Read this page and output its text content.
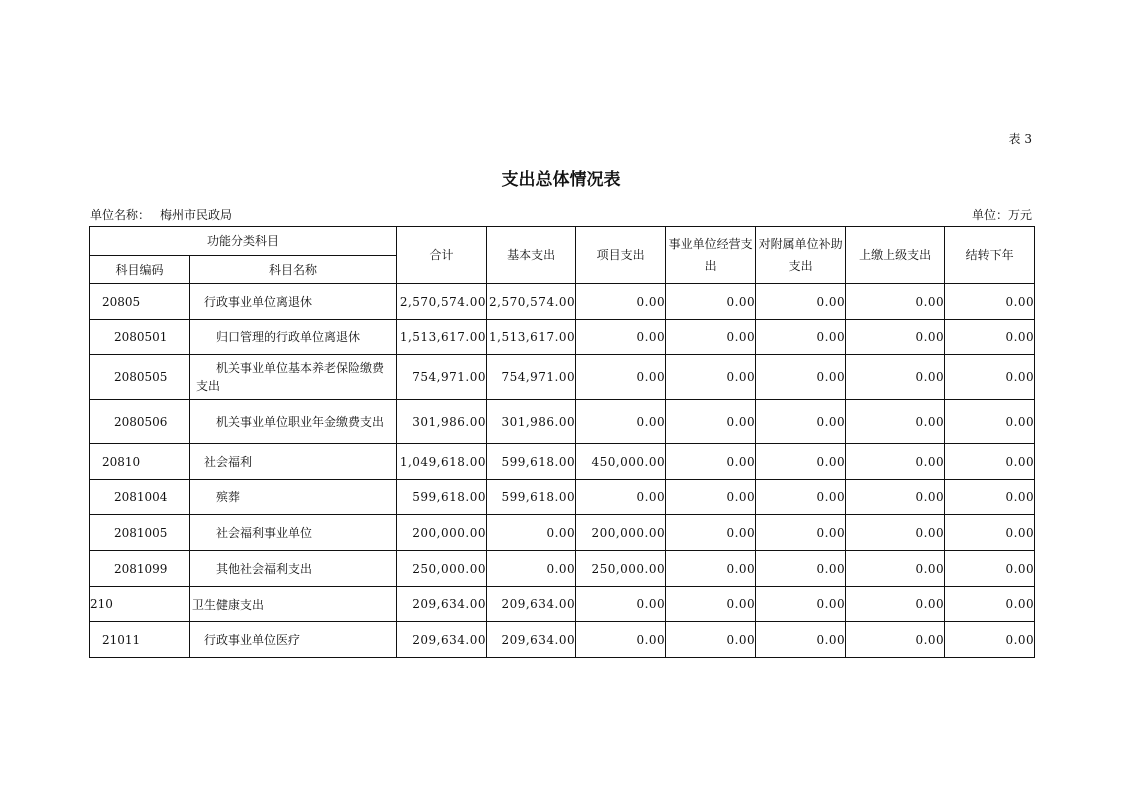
表 3
支出总体情况表
单位名称： 梅州市民政局	单位：万元
功能分类科目		合计	基本支出	项目支出	事业单位经营支出	对附属单位补助支出	上缴上级支出	结转下年
科目编码	科目名称							
20805	行政事业单位离退休	2,570,574.00	2,570,574.00	0.00	0.00	0.00	0.00	0.00
2080501	归口管理的行政单位离退休	1,513,617.00	1,513,617.00	0.00	0.00	0.00	0.00	0.00
2080505	机关事业单位基本养老保险缴费支出	754,971.00	754,971.00	0.00	0.00	0.00	0.00	0.00
2080506	机关事业单位职业年金缴费支出	301,986.00	301,986.00	0.00	0.00	0.00	0.00	0.00
20810	社会福利	1,049,618.00	599,618.00	450,000.00	0.00	0.00	0.00	0.00
2081004	殡葬	599,618.00	599,618.00	0.00	0.00	0.00	0.00	0.00
2081005	社会福利事业单位	200,000.00	0.00	200,000.00	0.00	0.00	0.00	0.00
2081099	其他社会福利支出	250,000.00	0.00	250,000.00	0.00	0.00	0.00	0.00
210	卫生健康支出	209,634.00	209,634.00	0.00	0.00	0.00	0.00	0.00
21011	行政事业单位医疗	209,634.00	209,634.00	0.00	0.00	0.00	0.00	0.00
